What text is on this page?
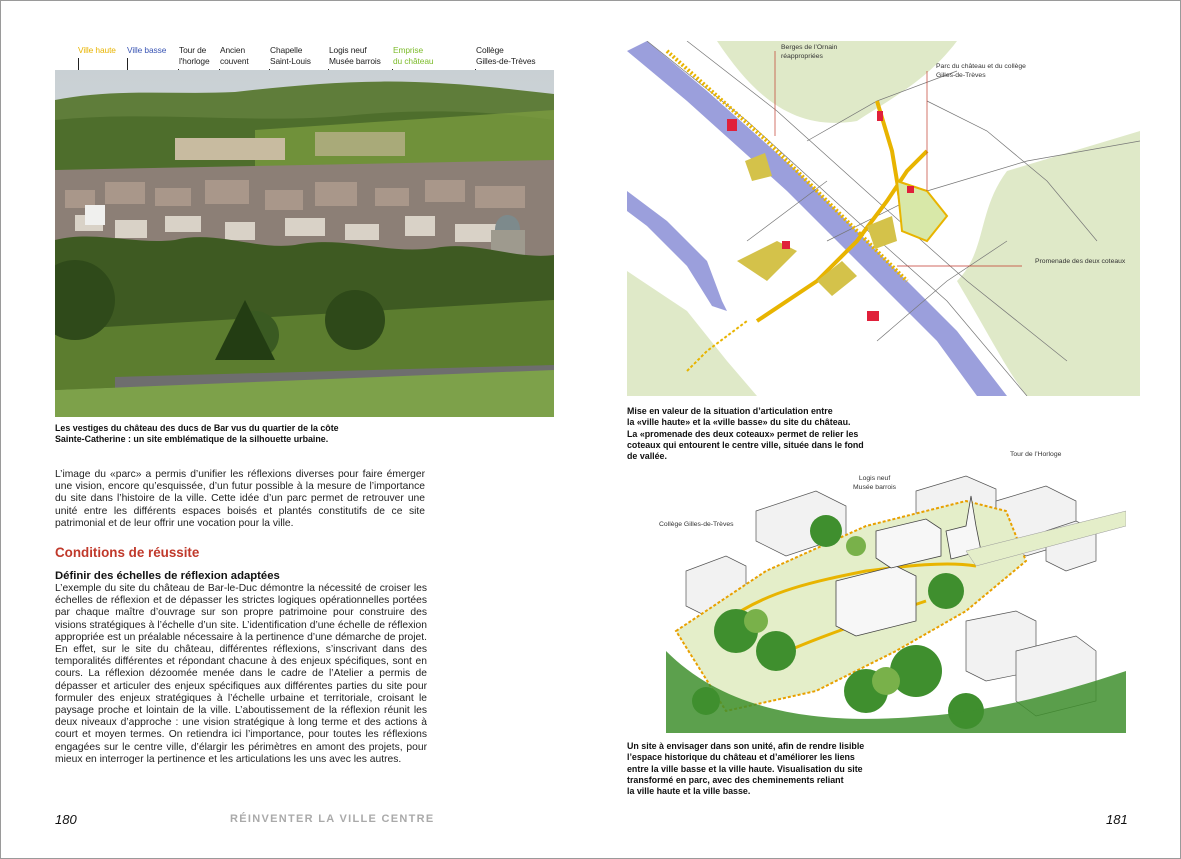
Ville haute Ville basse Tour de
l'horloge
Ancien
couvent
Chapelle
Saint-Louis
Logis neuf
Musée barrois
Emprise
du château
Collège
Gilles-de-Trèves
Les vestiges du château des ducs de Bar vus du quartier de la côte
Sainte-Catherine : un site emblématique de la silhouette urbaine.

L’image du «parc» a permis d’unifier les réflexions diverses pour faire émerger une vision, encore qu’esquissée, d’un futur possible à la mesure de l’importance du site dans l’histoire de la ville. Cette idée d’un parc permet de retrouver une unité entre les différents espaces boisés et plantés constitutifs de ce site patrimonial et de leur offrir une vocation pour la ville.

Conditions de réussite
Définir des échelles de réflexion adaptées

L’exemple du site du château de Bar-le-Duc démontre la nécessité de croiser les échelles de réflexion et de dépasser les strictes logiques opérationnelles portées par chaque maître d’ouvrage sur son propre patrimoine pour construire des visions stratégiques à l’échelle d’un site. L’identification d’une échelle de réflexion appropriée est un préalable nécessaire à la pertinence d’une démarche de projet. En effet, sur le site du château, différentes réflexions, s’inscrivant dans des temporalités différentes et répondant chacune à des enjeux spécifiques, sont en cours. La réflexion dézoomée menée dans le cadre de l’Atelier a permis de dépasser et articuler des enjeux spécifiques aux différentes parties du site pour formuler des enjeux stratégiques à l’échelle urbaine et territoriale, croisant le paysage proche et lointain de la ville. L’aboutissement de la réflexion réunit les deux niveaux d’approche : une vision stratégique à long terme et des actions à court et moyen termes. On retiendra ici l’importance, pour toutes les réflexions engagées sur le centre ville, d’élargir les périmètres en amont des projets, pour mieux en interroger la pertinence et les articulations les uns avec les autres.

180	RÉINVENTER LA VILLE CENTRE
Berges de l’Ornain
réappropriées
Parc du château et du collège
Gilles-de-Trèves
Promenade des deux coteaux
Mise en valeur de la situation d’articulation entre
la «ville haute» et la «ville basse» du site du château.
La «promenade des deux coteaux» permet de relier les
coteaux qui entourent le centre ville, située dans le fond
de vallée.	Tour de l’Horloge
Logis neuf
Musée barrois
Collège Gilles-de-Trèves
Un site à envisager dans son unité, afin de rendre lisible
l’espace historique du château et d’améliorer les liens
entre la ville basse et la ville haute. Visualisation du site
transformé en parc, avec des cheminements reliant
la ville haute et la ville basse.
181
